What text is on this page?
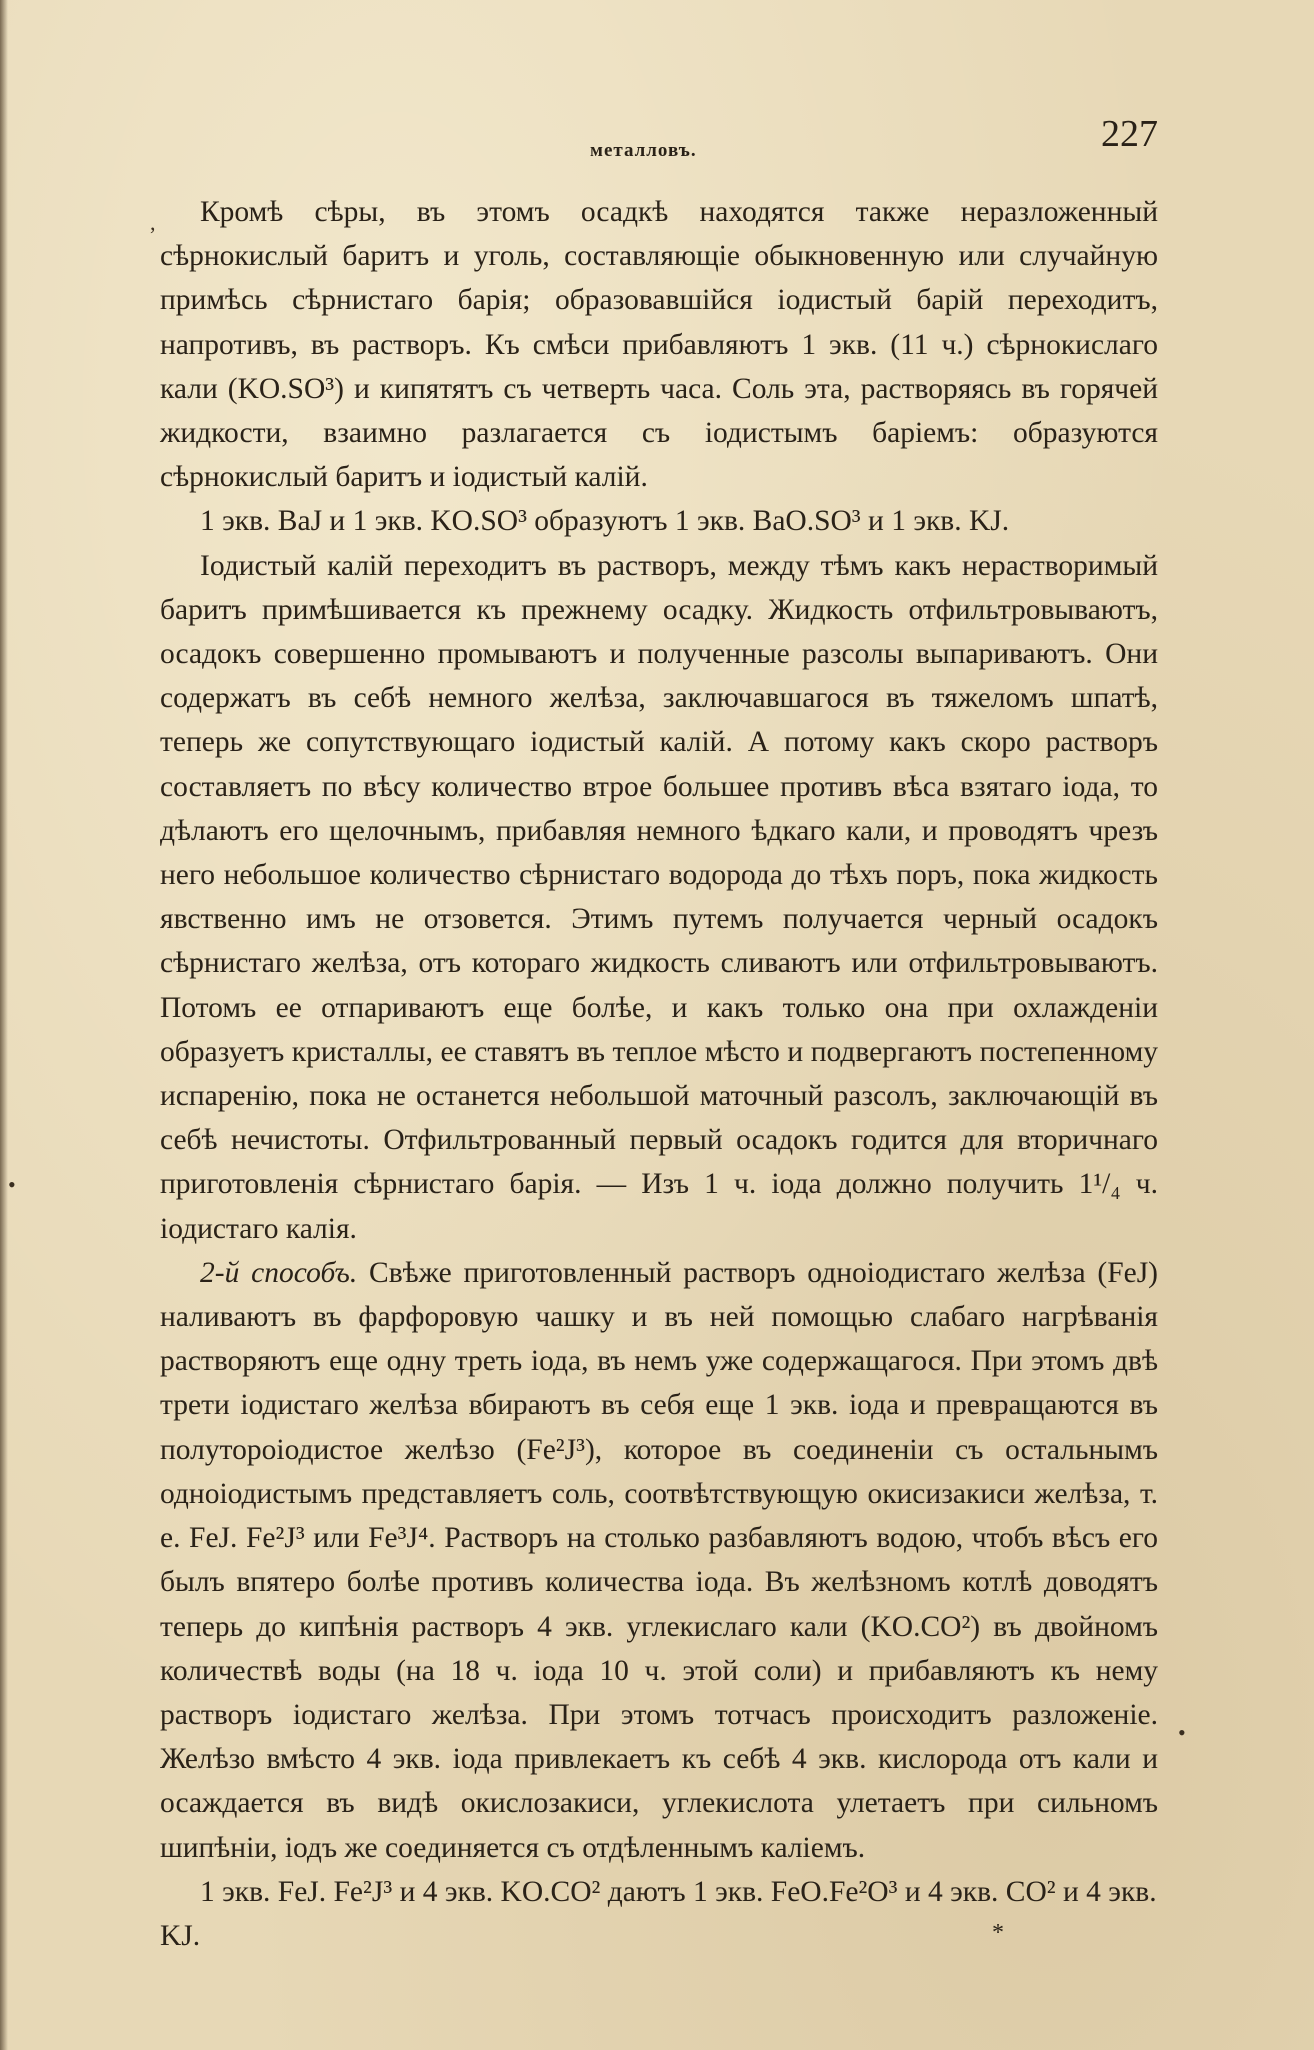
металловъ.	227

Кромѣ сѣры, въ этомъ осадкѣ находятся также неразложенный сѣрнокислый баритъ и уголь, составляющіе обыкновенную или случайную примѣсь сѣрнистаго барія; образовавшійся іодистый барій переходитъ, напротивъ, въ растворъ. Къ смѣси прибавляютъ 1 экв. (11 ч.) сѣрнокислаго кали (KO.SO³) и кипятятъ съ четверть часа. Соль эта, растворяясь въ горячей жидкости, взаимно разлагается съ іодистымъ баріемъ: образуются сѣрнокислый баритъ и іодистый калій.

1 экв. BaJ и 1 экв. KO.SO³ образуютъ 1 экв. BaO.SO³ и 1 экв. KJ.

Іодистый калій переходитъ въ растворъ, между тѣмъ какъ нерастворимый баритъ примѣшивается къ прежнему осадку. Жидкость отфильтровываютъ, осадокъ совершенно промываютъ и полученные разсолы выпариваютъ. Они содержатъ въ себѣ немного желѣза, заключавшагося въ тяжеломъ шпатѣ, теперь же сопутствующаго іодистый калій. А потому какъ скоро растворъ составляетъ по вѣсу количество втрое большее противъ вѣса взятаго іода, то дѣлаютъ его щелочнымъ, прибавляя немного ѣдкаго кали, и проводятъ чрезъ него небольшое количество сѣрнистаго водорода до тѣхъ поръ, пока жидкость явственно имъ не отзовется. Этимъ путемъ получается черный осадокъ сѣрнистаго желѣза, отъ котораго жидкость сливаютъ или отфильтровываютъ. Потомъ ее отпариваютъ еще болѣе, и какъ только она при охлажденіи образуетъ кристаллы, ее ставятъ въ теплое мѣсто и подвергаютъ постепенному испаренію, пока не останется небольшой маточный разсолъ, заключающій въ себѣ нечистоты. Отфильтрованный первый осадокъ годится для вторичнаго приготовленія сѣрнистаго барія. — Изъ 1 ч. іода должно получить 1¹/₄ ч. іодистаго калія.

2-й способъ. Свѣже приготовленный растворъ одноіодистаго желѣза (FeJ) наливаютъ въ фарфоровую чашку и въ ней помощью слабаго нагрѣванія растворяютъ еще одну треть іода, въ немъ уже содержащагося. При этомъ двѣ трети іодистаго желѣза вбираютъ въ себя еще 1 экв. іода и превращаются въ полутороіодистое желѣзо (Fe²J³), которое въ соединеніи съ остальнымъ одноіодистымъ представляетъ соль, соотвѣтствующую окисизакиси желѣза, т. е. FeJ. Fe²J³ или Fe³J⁴. Растворъ на столько разбавляютъ водою, чтобъ вѣсъ его былъ впятеро болѣе противъ количества іода. Въ желѣзномъ котлѣ доводятъ теперь до кипѣнія растворъ 4 экв. углекислаго кали (KO.CO²) въ двойномъ количествѣ воды (на 18 ч. іода 10 ч. этой соли) и прибавляютъ къ нему растворъ іодистаго желѣза. При этомъ тотчасъ происходитъ разложеніе. Желѣзо вмѣсто 4 экв. іода привлекаетъ къ себѣ 4 экв. кислорода отъ кали и осаждается въ видѣ окислозакиси, углекислота улетаетъ при сильномъ шипѣніи, іодъ же соединяется съ отдѣленнымъ каліемъ.

1 экв. FeJ. Fe²J³ и 4 экв. KO.CO² даютъ 1 экв. FeO.Fe²O³ и 4 экв. CO² и 4 экв. KJ.

,
•
•
*
